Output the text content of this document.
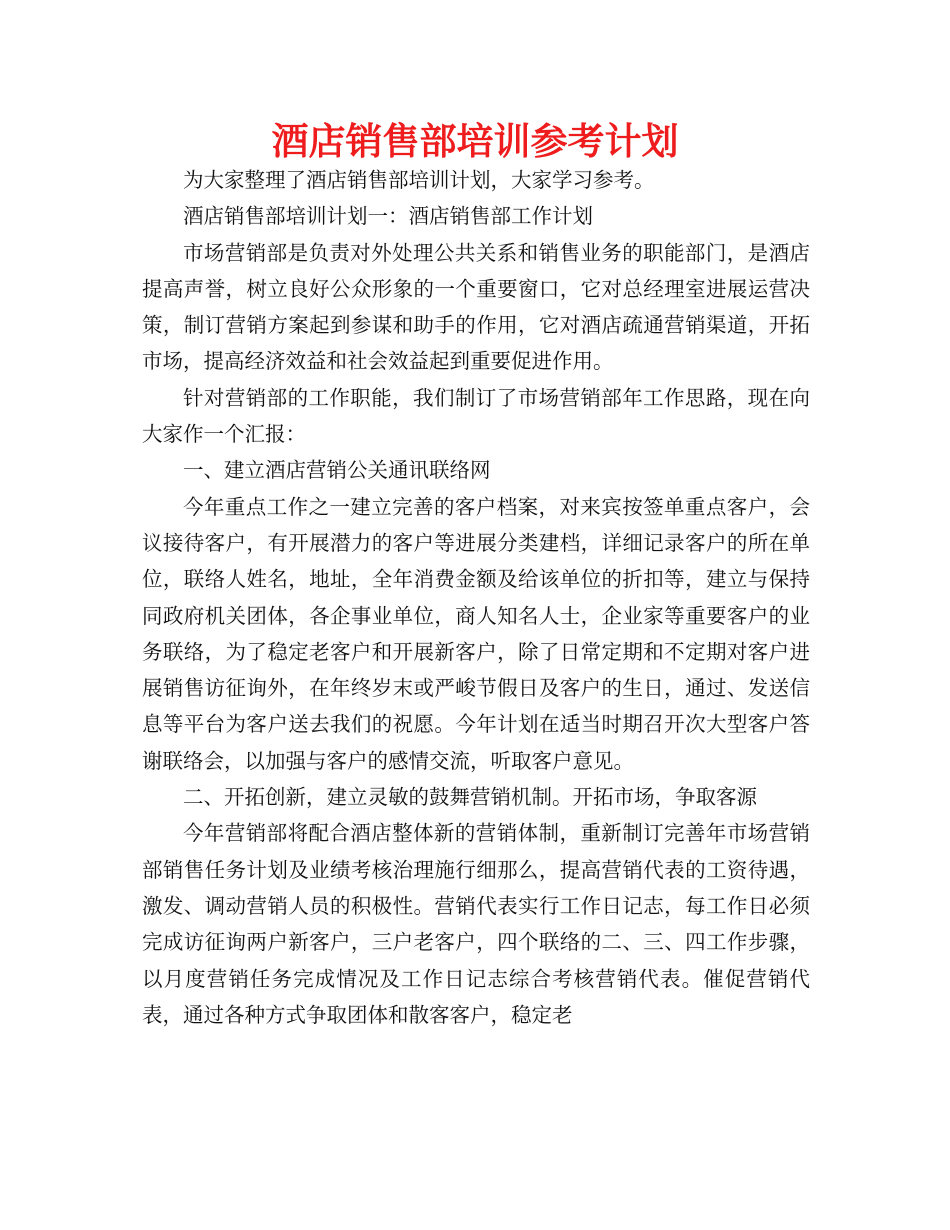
酒店销售部培训参考计划

为大家整理了酒店销售部培训计划，大家学习参考。

酒店销售部培训计划一：酒店销售部工作计划

市场营销部是负责对外处理公共关系和销售业务的职能部门，是酒店提高声誉，树立良好公众形象的一个重要窗口，它对总经理室进展运营决策，制订营销方案起到参谋和助手的作用，它对酒店疏通营销渠道，开拓市场，提高经济效益和社会效益起到重要促进作用。

针对营销部的工作职能，我们制订了市场营销部年工作思路，现在向大家作一个汇报：

一、建立酒店营销公关通讯联络网

今年重点工作之一建立完善的客户档案，对来宾按签单重点客户，会议接待客户，有开展潜力的客户等进展分类建档，详细记录客户的所在单位，联络人姓名，地址，全年消费金额及给该单位的折扣等，建立与保持同政府机关团体，各企事业单位，商人知名人士，企业家等重要客户的业务联络，为了稳定老客户和开展新客户，除了日常定期和不定期对客户进展销售访征询外，在年终岁末或严峻节假日及客户的生日，通过、发送信息等平台为客户送去我们的祝愿。今年计划在适当时期召开次大型客户答谢联络会，以加强与客户的感情交流，听取客户意见。

二、开拓创新，建立灵敏的鼓舞营销机制。开拓市场，争取客源

今年营销部将配合酒店整体新的营销体制，重新制订完善年市场营销部销售任务计划及业绩考核治理施行细那么，提高营销代表的工资待遇，激发、调动营销人员的积极性。营销代表实行工作日记志，每工作日必须完成访征询两户新客户，三户老客户，四个联络的二、三、四工作步骤，以月度营销任务完成情况及工作日记志综合考核营销代表。催促营销代表，通过各种方式争取团体和散客客户，稳定老
